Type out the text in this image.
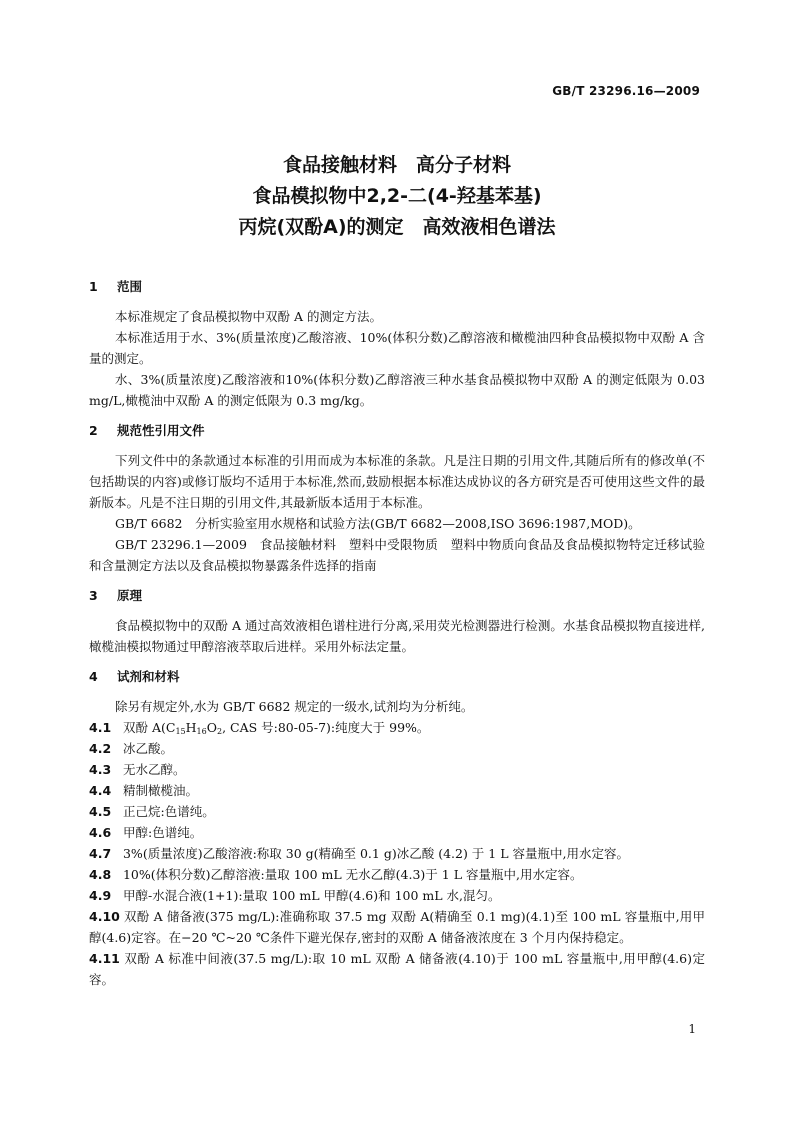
GB/T 23296.16—2009
食品接触材料　高分子材料
食品模拟物中2,2-二(4-羟基苯基)
丙烷(双酚A)的测定　高效液相色谱法

1 范围

本标准规定了食品模拟物中双酚 A 的测定方法。

本标准适用于水、3%(质量浓度)乙酸溶液、10%(体积分数)乙醇溶液和橄榄油四种食品模拟物中双酚 A 含量的测定。

水、3%(质量浓度)乙酸溶液和10%(体积分数)乙醇溶液三种水基食品模拟物中双酚 A 的测定低限为 0.03 mg/L,橄榄油中双酚 A 的测定低限为 0.3 mg/kg。

2 规范性引用文件

下列文件中的条款通过本标准的引用而成为本标准的条款。凡是注日期的引用文件,其随后所有的修改单(不包括勘误的内容)或修订版均不适用于本标准,然而,鼓励根据本标准达成协议的各方研究是否可使用这些文件的最新版本。凡是不注日期的引用文件,其最新版本适用于本标准。

GB/T 6682　分析实验室用水规格和试验方法(GB/T 6682—2008,ISO 3696:1987,MOD)。

GB/T 23296.1—2009　食品接触材料　塑料中受限物质　塑料中物质向食品及食品模拟物特定迁移试验和含量测定方法以及食品模拟物暴露条件选择的指南

3 原理

食品模拟物中的双酚 A 通过高效液相色谱柱进行分离,采用荧光检测器进行检测。水基食品模拟物直接进样,橄榄油模拟物通过甲醇溶液萃取后进样。采用外标法定量。

4 试剂和材料

除另有规定外,水为 GB/T 6682 规定的一级水,试剂均为分析纯。

4.1 双酚 $A(C_{15}H_{16}O_2$, CAS 号:80-05-7):纯度大于 99%。

4.2 冰乙酸。

4.3 无水乙醇。

4.4 精制橄榄油。

4.5 正己烷:色谱纯。

4.6 甲醇:色谱纯。

4.7 3%(质量浓度)乙酸溶液:称取 30 g(精确至 0.1 g)冰乙酸 (4.2) 于 1 L 容量瓶中,用水定容。

4.8 10%(体积分数)乙醇溶液:量取 100 mL 无水乙醇(4.3)于 1 L 容量瓶中,用水定容。

4.9 甲醇-水混合液(1+1):量取 100 mL 甲醇(4.6)和 100 mL 水,混匀。

4.10 双酚 A 储备液(375 mg/L):准确称取 37.5 mg 双酚 A(精确至 0.1 mg)(4.1)至 100 mL 容量瓶中,用甲醇(4.6)定容。在−20 ℃~20 ℃条件下避光保存,密封的双酚 A 储备液浓度在 3 个月内保持稳定。

4.11 双酚 A 标准中间液(37.5 mg/L):取 10 mL 双酚 A 储备液(4.10)于 100 mL 容量瓶中,用甲醇(4.6)定容。

1
